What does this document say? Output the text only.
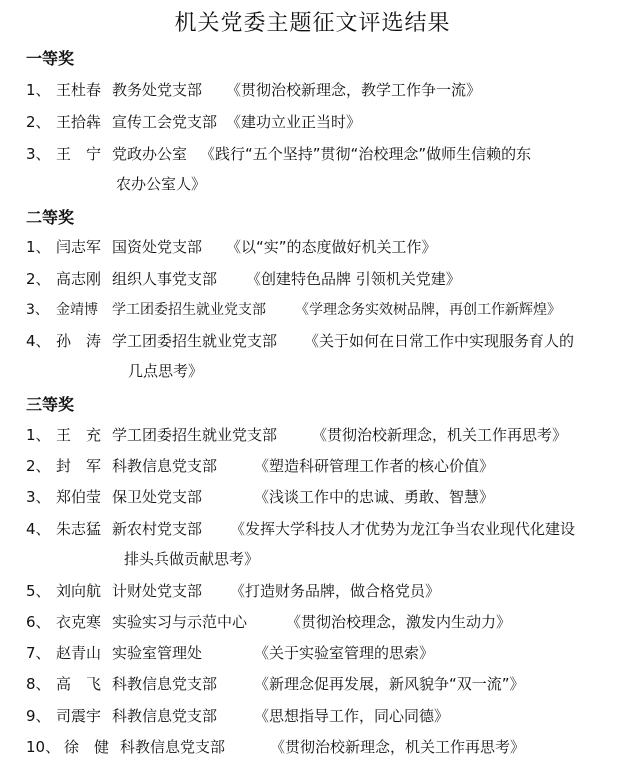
机关党委主题征文评选结果
一等奖
1、 王杜春 教务处党支部 《贯彻治校新理念，教学工作争一流》
2、 王拾犇 宣传工会党支部 《建功立业正当时》
3、 王　宁 党政办公室 《践行“五个坚持”贯彻“治校理念”做师生信赖的东
农办公室人》
二等奖
1、 闫志军 国资处党支部 《以“实”的态度做好机关工作》
2、 高志刚 组织人事党支部 《创建特色品牌 引领机关党建》
3、 金靖博 学工团委招生就业党支部 《学理念务实效树品牌，再创工作新辉煌》
4、 孙　涛 学工团委招生就业党支部 《关于如何在日常工作中实现服务育人的
几点思考》
三等奖
1、 王　充 学工团委招生就业党支部 《贯彻治校新理念，机关工作再思考》
2、 封　军 科教信息党支部 《塑造科研管理工作者的核心价值》
3、 郑伯莹 保卫处党支部	《浅谈工作中的忠诚、勇敢、智慧》
4、 朱志猛 新农村党支部 《发挥大学科技人才优势为龙江争当农业现代化建设
排头兵做贡献思考》
5、 刘向航 计财处党支部 《打造财务品牌，做合格党员》
6、 衣克寒 实验实习与示范中心	《贯彻治校理念，激发内生动力》
7、 赵青山 实验室管理处	《关于实验室管理的思索》
8、 高　飞 科教信息党支部 《新理念促再发展，新风貌争“双一流”》
9、 司震宇 科教信息党支部 《思想指导工作，同心同德》
10、 徐　健 科教信息党支部	《贯彻治校新理念，机关工作再思考》
